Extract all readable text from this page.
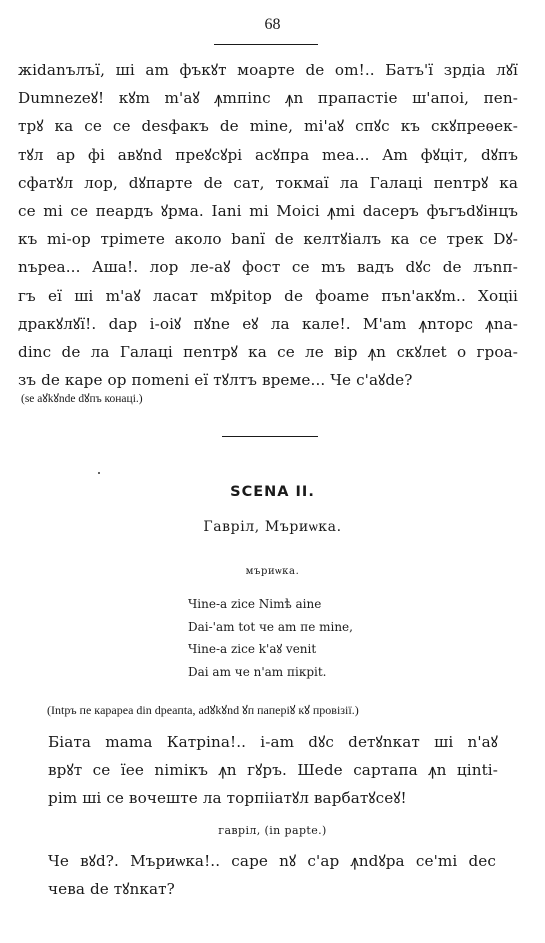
68
жidanълъї, шi am фъкꙋт моарте de om!.. Батъ'ї зрдіа лꙋї
Dumnezeꙋ! кꙋm m'аꙋ ꙟmпinc ꙟn прапастie ш'апоi, пеn-
трꙋ ка се се desфакъ de mine, mi'аꙋ спꙋс къ скꙋпреѳек-
тꙋл ар фi авꙋnd преꙋсꙋрi асꙋпра mea... Am фꙋціт, dꙋпъ
сфатꙋл лор, dꙋпарте de сат, токмаї ла Галаці пеnтрꙋ ка
се mi се пеардъ ꙋрма. Іаnі mi Моісi ꙟmi dасеръ фъгъdꙋiнцъ
къ mi-ор трimете аколо banї de келтꙋіалъ ка се трек Dꙋ-
nъреа... Аша!. лор ле-аꙋ фост се mъ вадъ dꙋс de лъnп-
гъ еї шi m'аꙋ ласат mꙋрitор de фоаme пъn'акꙋm.. Хоціi
дракꙋлꙋї!. dар і-оiꙋ пꙋnе еꙋ ла кале!. М'am ꙟnторс ꙟnа-
dinc de ла Галаці пеnтрꙋ ка се ле вiр ꙟn скꙋлеt о гроа-
зъ de каре ор поmeni еї тꙋлтъ време... Че с'аꙋdе?
(se aꙋkꙋnde dꙋпъ конаці.)
SCENA II.
Гаврiл, Мъриѡка.
мъриѡка.
Чine-a zice Nimѣ aine
Dai-'am tot че am пе mine,
Чine-a zice k'аꙋ venit
Dai am че n'аm пiкрit.
(Intpъ пе кapapea din dpeaпta, adꙋkꙋnd ꙋп паперіꙋ кꙋ провізії.)
Біата mama Катріnа!.. і-am dꙋс deтꙋnкат шi n'аꙋ
врꙋт се їее nimікъ ꙟn гꙋръ. Шеde сартапа ꙟn цintі-
рim шi се вочеште ла торпiiатꙋл варбатꙋсеꙋ!
гавріл, (in paрtе.)
Че вꙋd?. Мъриѡка!.. саре nꙋ с'ар ꙟndꙋра се'mi dec
чева de тꙋnкат?
